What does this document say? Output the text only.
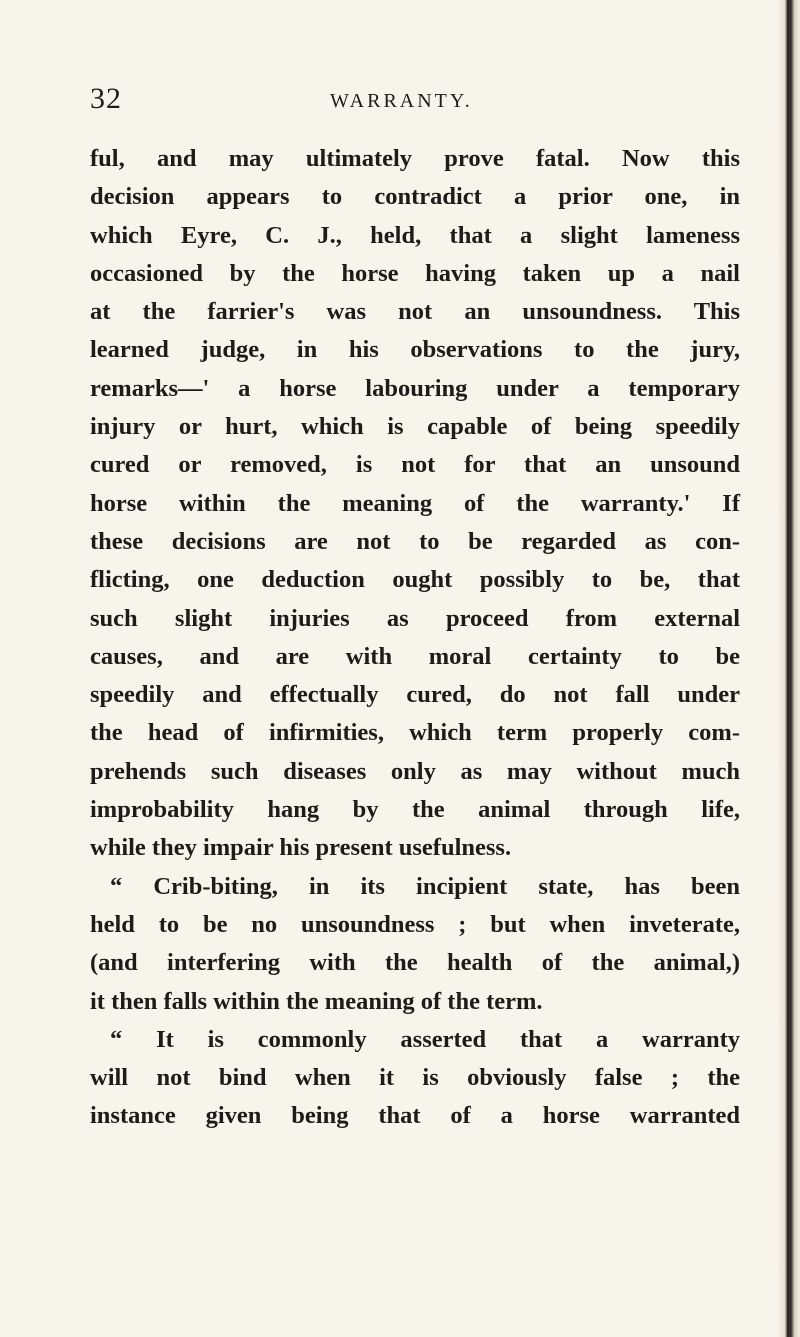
32	WARRANTY.
ful, and may ultimately prove fatal. Now this
decision appears to contradict a prior one, in
which Eyre, C. J., held, that a slight lameness
occasioned by the horse having taken up a nail
at the farrier's was not an unsoundness. This
learned judge, in his observations to the jury,
remarks—' a horse labouring under a temporary
injury or hurt, which is capable of being speedily
cured or removed, is not for that an unsound
horse within the meaning of the warranty.' If
these decisions are not to be regarded as con-
flicting, one deduction ought possibly to be, that
such slight injuries as proceed from external
causes, and are with moral certainty to be
speedily and effectually cured, do not fall under
the head of infirmities, which term properly com-
prehends such diseases only as may without much
improbability hang by the animal through life,
while they impair his present usefulness.
“ Crib-biting, in its incipient state, has been
held to be no unsoundness ; but when inveterate,
(and interfering with the health of the animal,)
it then falls within the meaning of the term.
“ It is commonly asserted that a warranty
will not bind when it is obviously false ; the
instance given being that of a horse warranted
